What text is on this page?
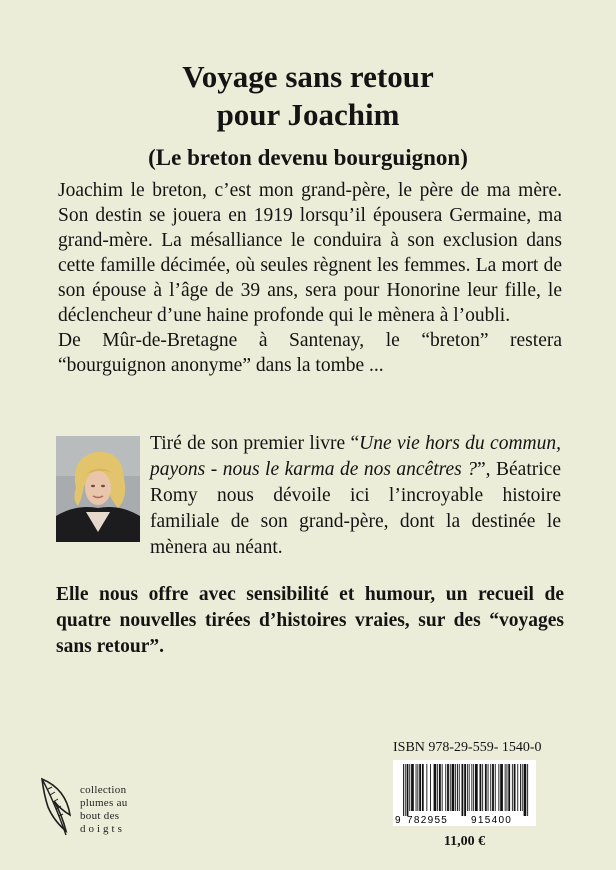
Voyage sans retour
pour Joachim
(Le breton devenu bourguignon)

Joachim le breton, c’est mon grand-père, le père de ma mère. Son destin se jouera en 1919 lorsqu’il épousera Germaine, ma grand-mère. La mésalliance le conduira à son exclusion dans cette famille décimée, où seules règnent les femmes. La mort de son épouse à l’âge de 39 ans, sera pour Honorine leur fille, le déclencheur d’une haine profonde qui le mènera à l’oubli.

De Mûr-de-Bretagne à Santenay, le “breton” restera “bourguignon anonyme” dans la tombe ...

Tiré de son premier livre “Une vie hors du commun, payons - nous le karma de nos ancêtres ?”, Béatrice Romy nous dévoile ici l’incroyable histoire familiale de son grand-père, dont la destinée le mènera au néant.

Elle nous offre avec sensibilité et humour, un recueil de quatre nouvelles tirées d’histoires vraies, sur des “voyages sans retour”.

ISBN 978-29-559- 1540-0
9 782955 915400
11,00 €
collection
plumes au
bout des
doigts
